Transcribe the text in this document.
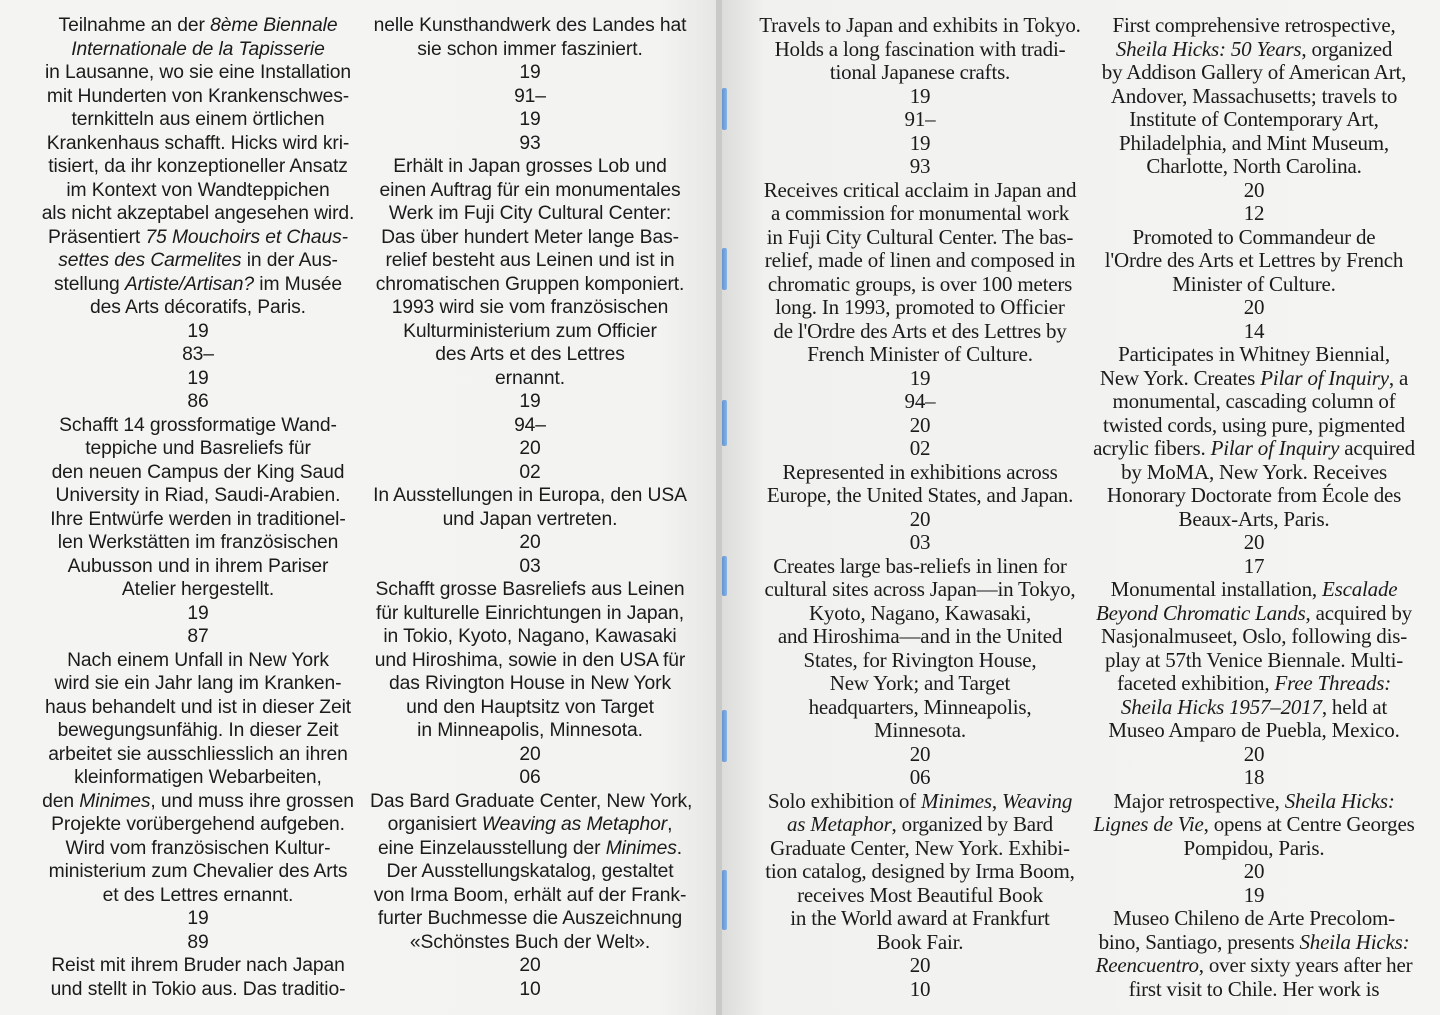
Teilnahme an der 8ème Biennale
Internationale de la Tapisserie
in Lausanne, wo sie eine Installation
mit Hunderten von Krankenschwes-
ternkitteln aus einem örtlichen
Krankenhaus schafft. Hicks wird kri-
tisiert, da ihr konzeptioneller Ansatz
im Kontext von Wandteppichen
als nicht akzeptabel angesehen wird.
Präsentiert 75 Mouchoirs et Chaus-
settes des Carmelites in der Aus-
stellung Artiste/Artisan? im Musée
des Arts décoratifs, Paris.
19
83–
19
86
Schafft 14 grossformatige Wand-
teppiche und Basreliefs für
den neuen Campus der King Saud
University in Riad, Saudi-Arabien.
Ihre Entwürfe werden in traditionel-
len Werkstätten im französischen
Aubusson und in ihrem Pariser
Atelier hergestellt.
19
87
Nach einem Unfall in New York
wird sie ein Jahr lang im Kranken-
haus behandelt und ist in dieser Zeit
bewegungsunfähig. In dieser Zeit
arbeitet sie ausschliesslich an ihren
kleinformatigen Webarbeiten,
den Minimes, und muss ihre grossen
Projekte vorübergehend aufgeben.
Wird vom französischen Kultur-
ministerium zum Chevalier des Arts
et des Lettres ernannt.
19
89
Reist mit ihrem Bruder nach Japan
und stellt in Tokio aus. Das traditio-
nelle Kunsthandwerk des Landes hat
sie schon immer fasziniert.
19
91–
19
93
Erhält in Japan grosses Lob und
einen Auftrag für ein monumentales
Werk im Fuji City Cultural Center:
Das über hundert Meter lange Bas-
relief besteht aus Leinen und ist in
chromatischen Gruppen komponiert.
1993 wird sie vom französischen
Kulturministerium zum Officier
des Arts et des Lettres
ernannt.
19
94–
20
02
In Ausstellungen in Europa, den USA
und Japan vertreten.
20
03
Schafft grosse Basreliefs aus Leinen
für kulturelle Einrichtungen in Japan,
in Tokio, Kyoto, Nagano, Kawasaki
und Hiroshima, sowie in den USA für
das Rivington House in New York
und den Hauptsitz von Target
in Minneapolis, Minnesota.
20
06
Das Bard Graduate Center, New York,
organisiert Weaving as Metaphor,
eine Einzelausstellung der Minimes.
Der Ausstellungskatalog, gestaltet
von Irma Boom, erhält auf der Frank-
furter Buchmesse die Auszeichnung
«Schönstes Buch der Welt».
20
10
Travels to Japan and exhibits in Tokyo.
Holds a long fascination with tradi-
tional Japanese crafts.
19
91–
19
93
Receives critical acclaim in Japan and
a commission for monumental work
in Fuji City Cultural Center. The bas-
relief, made of linen and composed in
chromatic groups, is over 100 meters
long. In 1993, promoted to Officier
de l'Ordre des Arts et des Lettres by
French Minister of Culture.
19
94–
20
02
Represented in exhibitions across
Europe, the United States, and Japan.
20
03
Creates large bas-reliefs in linen for
cultural sites across Japan—in Tokyo,
Kyoto, Nagano, Kawasaki,
and Hiroshima—and in the United
States, for Rivington House,
New York; and Target
headquarters, Minneapolis,
Minnesota.
20
06
Solo exhibition of Minimes, Weaving
as Metaphor, organized by Bard
Graduate Center, New York. Exhibi-
tion catalog, designed by Irma Boom,
receives Most Beautiful Book
in the World award at Frankfurt
Book Fair.
20
10
First comprehensive retrospective,
Sheila Hicks: 50 Years, organized
by Addison Gallery of American Art,
Andover, Massachusetts; travels to
Institute of Contemporary Art,
Philadelphia, and Mint Museum,
Charlotte, North Carolina.
20
12
Promoted to Commandeur de
l'Ordre des Arts et Lettres by French
Minister of Culture.
20
14
Participates in Whitney Biennial,
New York. Creates Pilar of Inquiry, a
monumental, cascading column of
twisted cords, using pure, pigmented
acrylic fibers. Pilar of Inquiry acquired
by MoMA, New York. Receives
Honorary Doctorate from École des
Beaux-Arts, Paris.
20
17
Monumental installation, Escalade
Beyond Chromatic Lands, acquired by
Nasjonalmuseet, Oslo, following dis-
play at 57th Venice Biennale. Multi-
faceted exhibition, Free Threads:
Sheila Hicks 1957–2017, held at
Museo Amparo de Puebla, Mexico.
20
18
Major retrospective, Sheila Hicks:
Lignes de Vie, opens at Centre Georges
Pompidou, Paris.
20
19
Museo Chileno de Arte Precolom-
bino, Santiago, presents Sheila Hicks:
Reencuentro, over sixty years after her
first visit to Chile. Her work is
